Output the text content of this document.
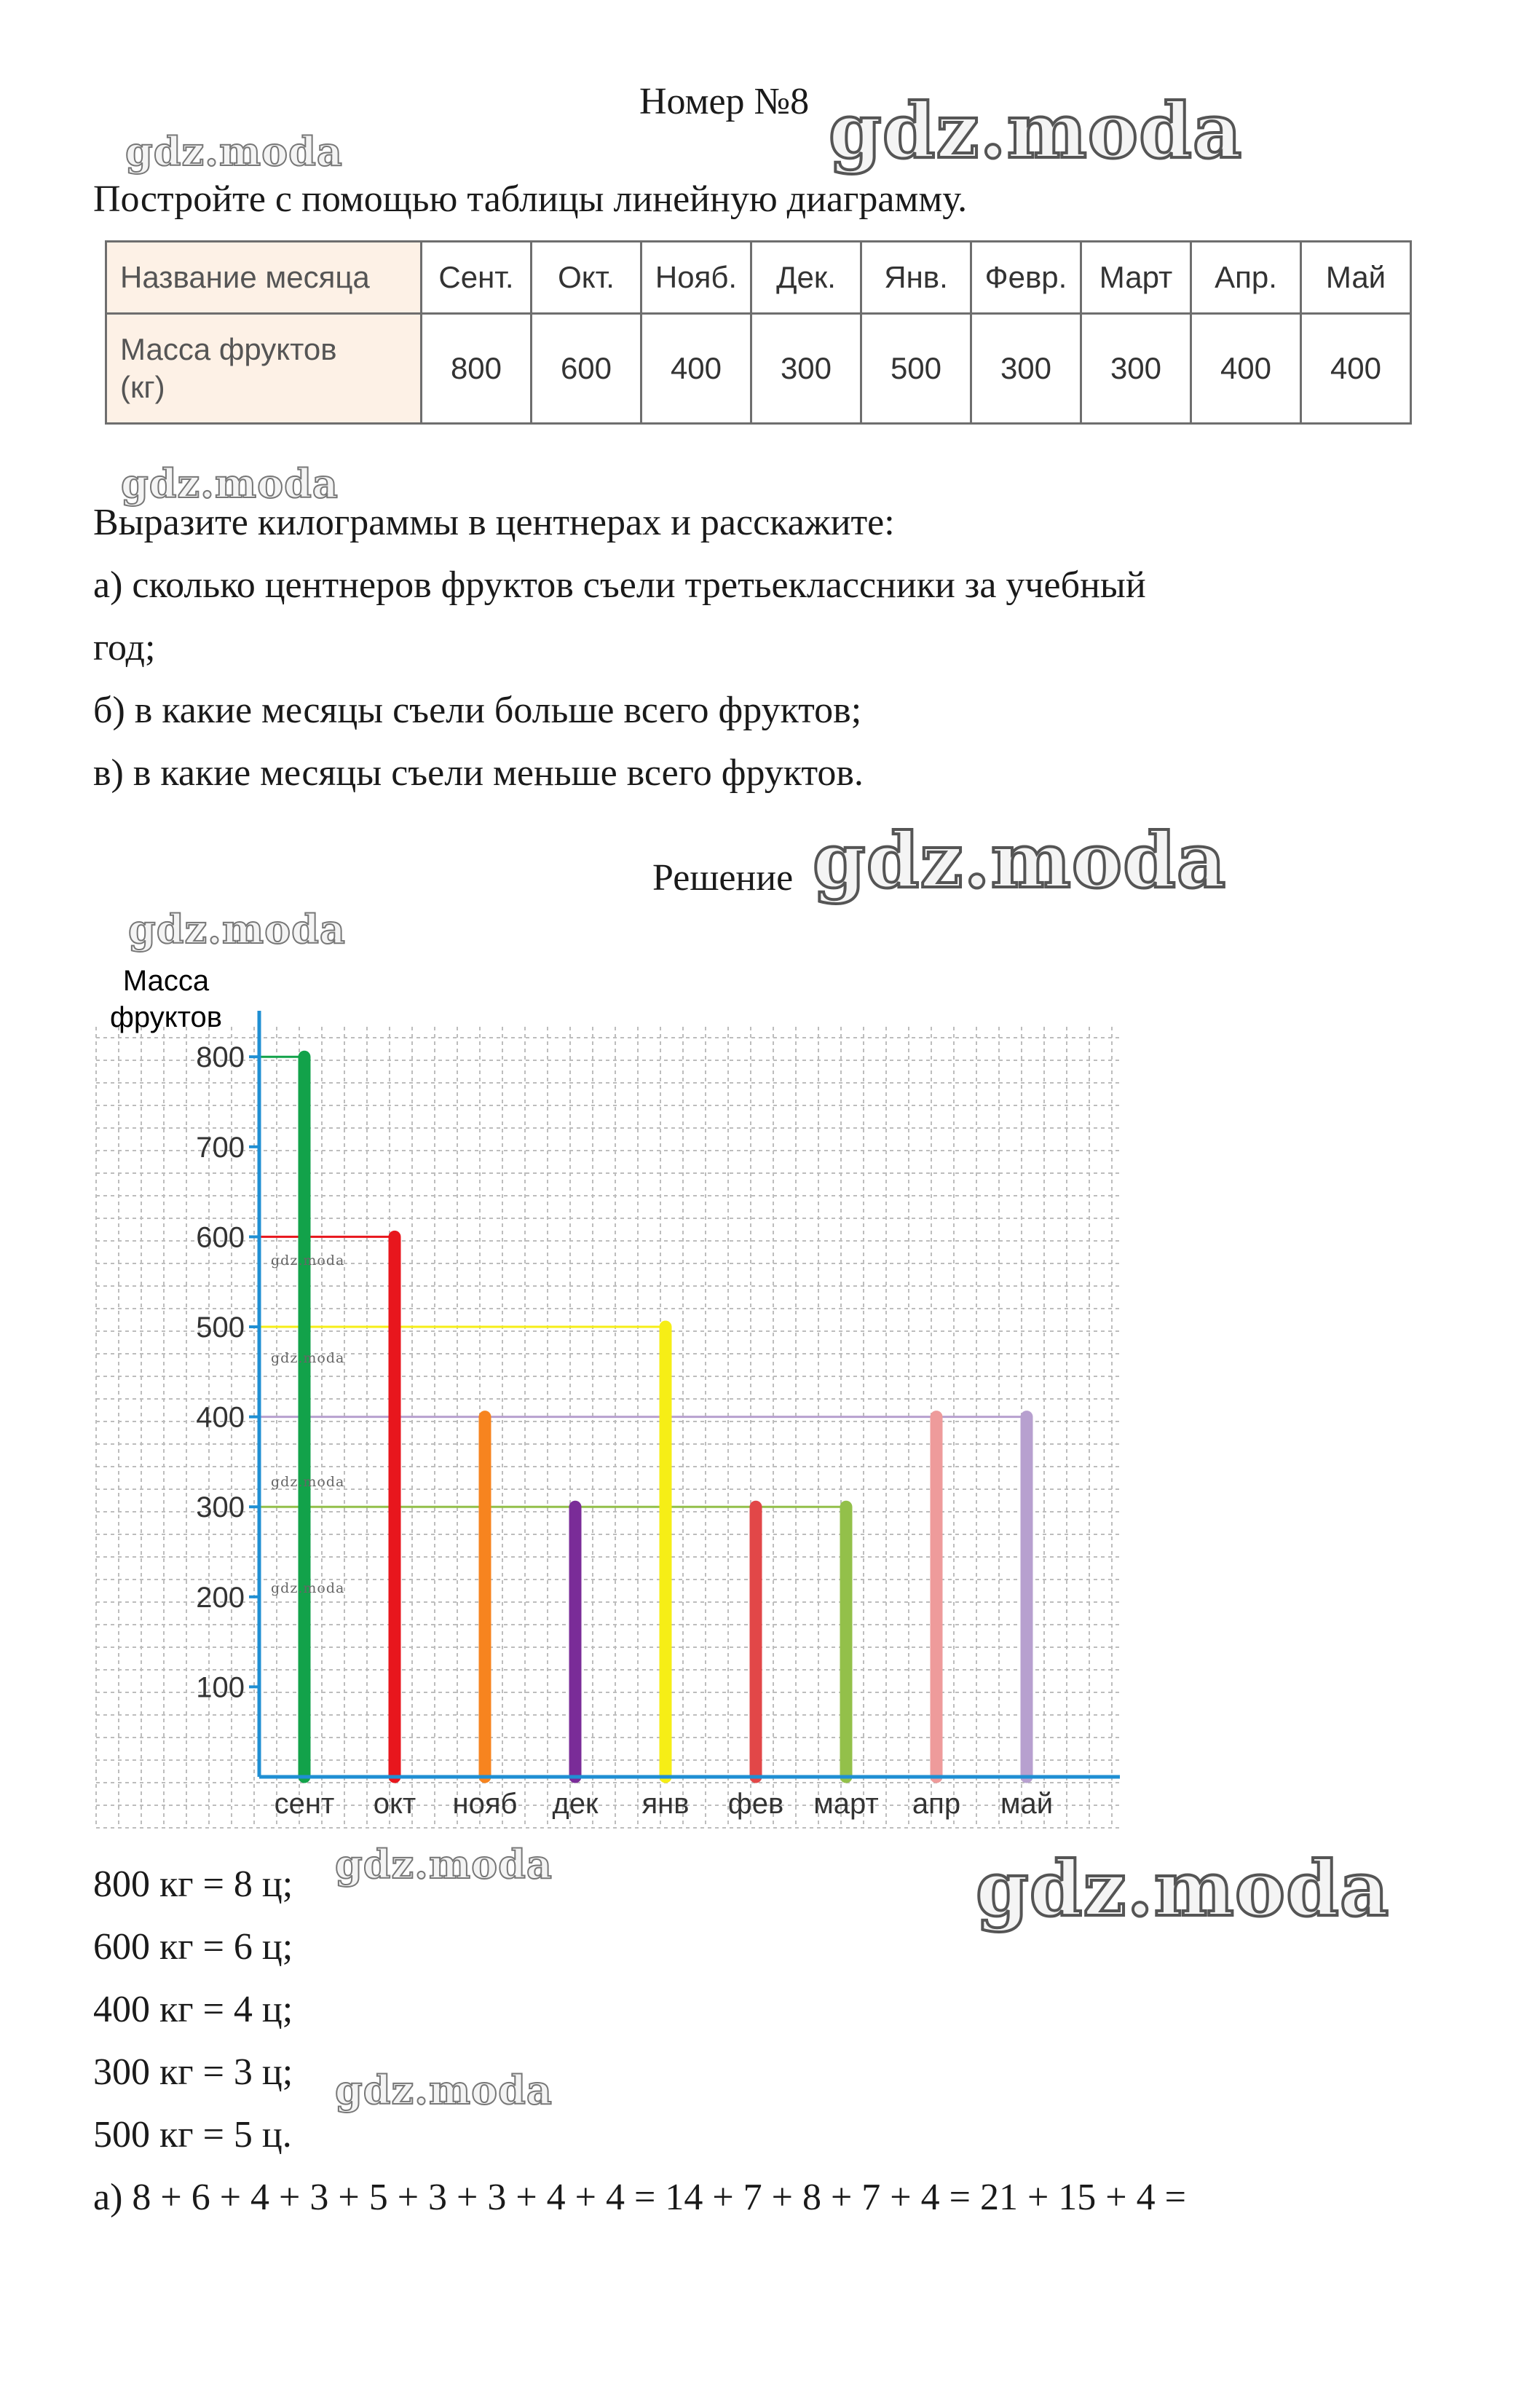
Номер №8
Постройте с помощью таблицы линейную диаграмму.
Название месяца	Сент.	Окт.	Нояб.	Дек.	Янв.	Февр.	Март	Апр.	Май

Масса фруктов
(кг)	800	600	400	300	500	300	300	400	400
Выразите килограммы в центнерах и расскажите:
а) сколько центнеров фруктов съели третьеклассники за учебный
год;
б) в какие месяцы съели больше всего фруктов;
в) в какие месяцы съели меньше всего фруктов.
Решение
100
200
300
400
500
600
700
800
сент окт нояб дек янв фев март апр май
Масса
фруктов
800 кг = 8 ц;
600 кг = 6 ц;
400 кг = 4 ц;
300 кг = 3 ц;
500 кг = 5 ц.
а) 8 + 6 + 4 + 3 + 5 + 3 + 3 + 4 + 4 = 14 + 7 + 8 + 7 + 4 = 21 + 15 + 4 =
gdz.moda
gdz.moda
gdz.moda
gdz.moda
gdz.moda
gdz.moda	gdz.moda
gdz.moda
gdz.moda
gdz.moda
gdz.moda
gdz.moda
